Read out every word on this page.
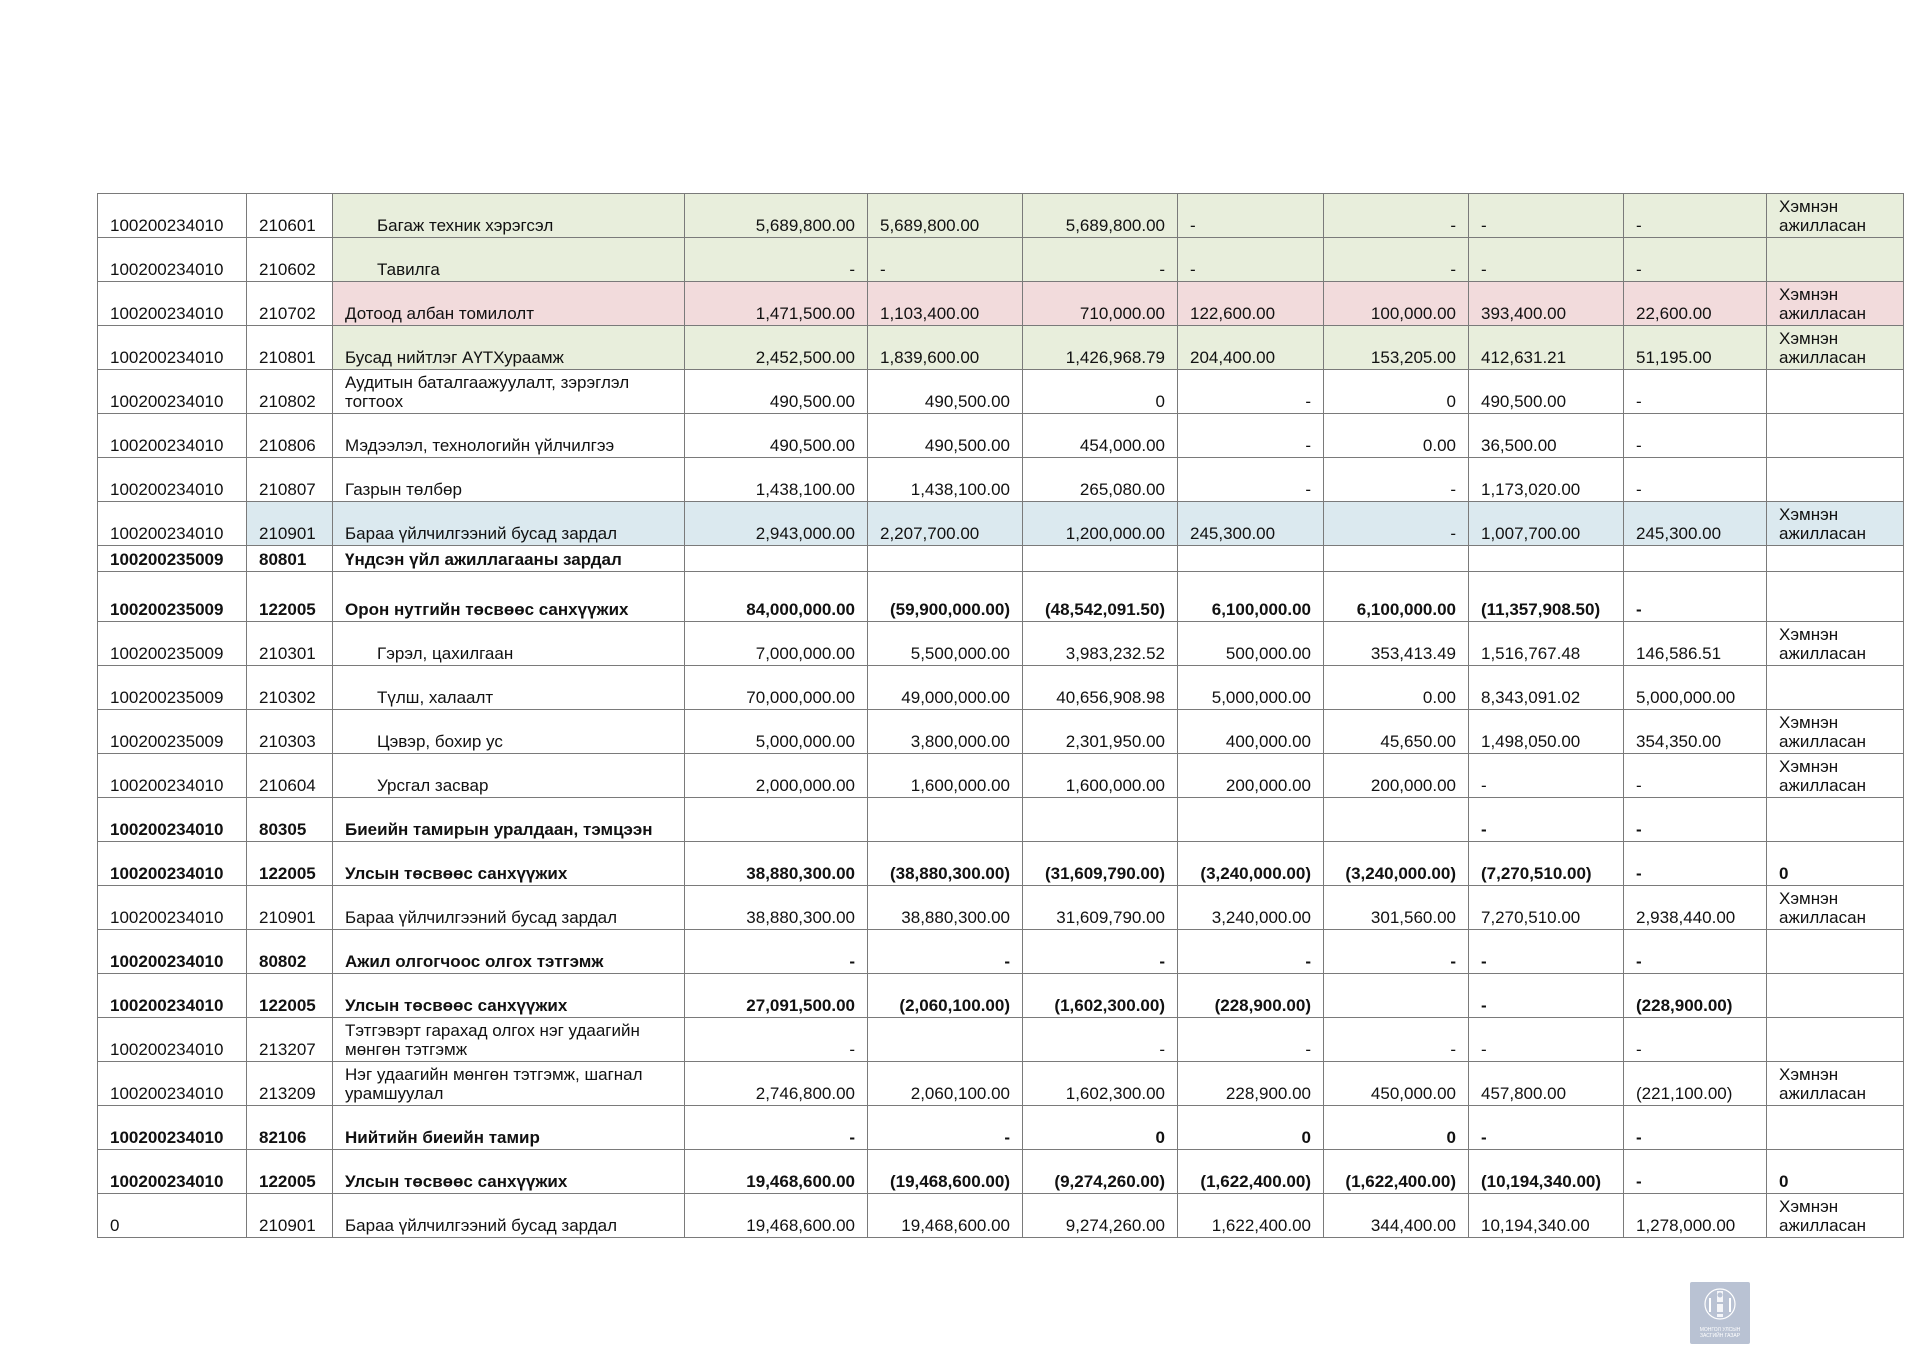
100200234010	210601	Багаж техник хэрэгсэл	5,689,800.00	5,689,800.00	5,689,800.00	-	-	-	-	Хэмнэн ажилласан
100200234010	210602	Тавилга	-	-	-	-	-	-	-	
100200234010	210702	Дотоод албан томилолт	1,471,500.00	1,103,400.00	710,000.00	122,600.00	100,000.00	393,400.00	22,600.00	Хэмнэн ажилласан
100200234010	210801	Бусад нийтлэг АҮТХураамж	2,452,500.00	1,839,600.00	1,426,968.79	204,400.00	153,205.00	412,631.21	51,195.00	Хэмнэн ажилласан
100200234010	210802	Аудитын баталгаажуулалт, зэрэглэл тогтоох	490,500.00	490,500.00	0	-	0	490,500.00	-	
100200234010	210806	Мэдээлэл, технологийн үйлчилгээ	490,500.00	490,500.00	454,000.00	-	0.00	36,500.00	-	
100200234010	210807	Газрын төлбөр	1,438,100.00	1,438,100.00	265,080.00	-	-	1,173,020.00	-	
100200234010	210901	Бараа үйлчилгээний бусад зардал	2,943,000.00	2,207,700.00	1,200,000.00	245,300.00	-	1,007,700.00	245,300.00	Хэмнэн ажилласан
100200235009	80801	Үндсэн үйл ажиллагааны зардал								
100200235009	122005	Орон нутгийн төсвөөс санхүүжих	84,000,000.00	(59,900,000.00)	(48,542,091.50)	6,100,000.00	6,100,000.00	(11,357,908.50)	-	
100200235009	210301	Гэрэл, цахилгаан	7,000,000.00	5,500,000.00	3,983,232.52	500,000.00	353,413.49	1,516,767.48	146,586.51	Хэмнэн ажилласан
100200235009	210302	Түлш, халаалт	70,000,000.00	49,000,000.00	40,656,908.98	5,000,000.00	0.00	8,343,091.02	5,000,000.00	
100200235009	210303	Цэвэр, бохир ус	5,000,000.00	3,800,000.00	2,301,950.00	400,000.00	45,650.00	1,498,050.00	354,350.00	Хэмнэн ажилласан
100200234010	210604	Урсгал засвар	2,000,000.00	1,600,000.00	1,600,000.00	200,000.00	200,000.00	-	-	Хэмнэн ажилласан
100200234010	80305	Биеийн тамирын уралдаан, тэмцээн						-	-	
100200234010	122005	Улсын төсвөөс санхүүжих	38,880,300.00	(38,880,300.00)	(31,609,790.00)	(3,240,000.00)	(3,240,000.00)	(7,270,510.00)	-	0
100200234010	210901	Бараа үйлчилгээний бусад зардал	38,880,300.00	38,880,300.00	31,609,790.00	3,240,000.00	301,560.00	7,270,510.00	2,938,440.00	Хэмнэн ажилласан
100200234010	80802	Ажил олгогчоос олгох тэтгэмж	-	-	-	-	-	-	-	
100200234010	122005	Улсын төсвөөс санхүүжих	27,091,500.00	(2,060,100.00)	(1,602,300.00)	(228,900.00)		-	(228,900.00)	
100200234010	213207	Тэтгэвэрт гарахад олгох нэг удаагийн мөнгөн тэтгэмж	-		-	-	-	-	-	
100200234010	213209	Нэг удаагийн мөнгөн тэтгэмж, шагнал урамшуулал	2,746,800.00	2,060,100.00	1,602,300.00	228,900.00	450,000.00	457,800.00	(221,100.00)	Хэмнэн ажилласан
100200234010	82106	Нийтийн биеийн тамир	-	-	0	0	0	-	-	
100200234010	122005	Улсын төсвөөс санхүүжих	19,468,600.00	(19,468,600.00)	(9,274,260.00)	(1,622,400.00)	(1,622,400.00)	(10,194,340.00)	-	0
0	210901	Бараа үйлчилгээний бусад зардал	19,468,600.00	19,468,600.00	9,274,260.00	1,622,400.00	344,400.00	10,194,340.00	1,278,000.00	Хэмнэн ажилласан
МОНГОЛ УЛСЫН ЗАСГИЙН ГАЗАР
